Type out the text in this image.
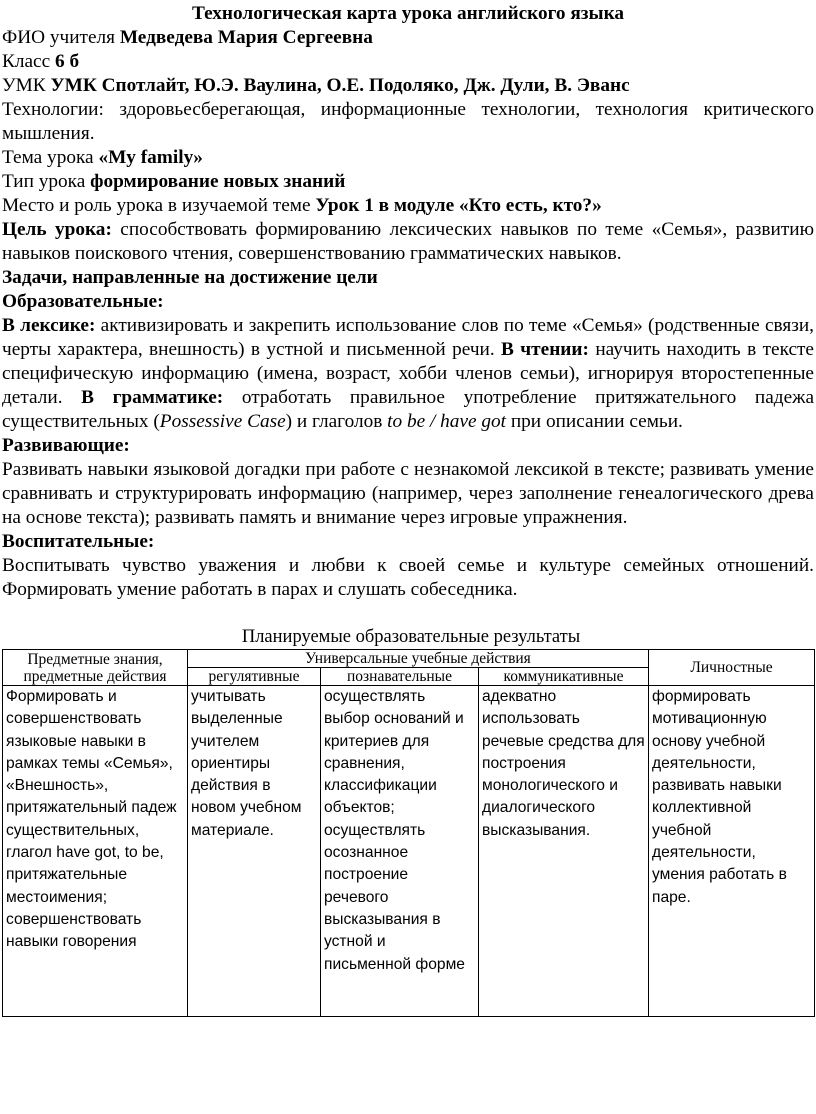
Технологическая карта урока английского языка
ФИО учителя Медведева Мария Сергеевна
Класс 6 б
УМК УМК Спотлайт, Ю.Э. Ваулина, О.Е. Подоляко, Дж. Дули, В. Эванс
Технологии: здоровьесберегающая, информационные технологии, технология критического мышления.
Тема урока «My family»
Тип урока формирование новых знаний
Место и роль урока в изучаемой теме Урок 1 в модуле «Кто есть, кто?»
Цель урока: способствовать формированию лексических навыков по теме «Семья», развитию навыков поискового чтения, совершенствованию грамматических навыков.
Задачи, направленные на достижение цели
Образовательные:
В лексике: активизировать и закрепить использование слов по теме «Семья» (родственные связи, черты характера, внешность) в устной и письменной речи. В чтении: научить находить в тексте специфическую информацию (имена, возраст, хобби членов семьи), игнорируя второстепенные детали. В грамматике: отработать правильное употребление притяжательного падежа существительных (Possessive Case) и глаголов to be / have got при описании семьи.
Развивающие:
Развивать навыки языковой догадки при работе с незнакомой лексикой в тексте; развивать умение сравнивать и структурировать информацию (например, через заполнение генеалогического древа на основе текста); развивать память и внимание через игровые упражнения.
Воспитательные:
Воспитывать чувство уважения и любви к своей семье и культуре семейных отношений. Формировать умение работать в парах и слушать собеседника.
Планируемые образовательные результаты
Предметные знания, предметные действия	Универсальные учебные действия			Личностные
	регулятивные	познавательные	коммуникативные	

Формировать и совершенствовать языковые навыки в рамках темы «Семья», «Внешность», притяжательный падеж существительных, глагол have got, to be, притяжательные местоимения; совершенствовать навыки говорения	учитывать выделенные учителем ориентиры действия в новом учебном материале.	осуществлять выбор оснований и критериев для сравнения, классификации объектов; осуществлять осознанное построение речевого высказывания в устной и письменной форме	адекватно использовать речевые средства для построения монологического и диалогического высказывания.	формировать мотивационную основу учебной деятельности, развивать навыки коллективной учебной деятельности, умения работать в паре.
